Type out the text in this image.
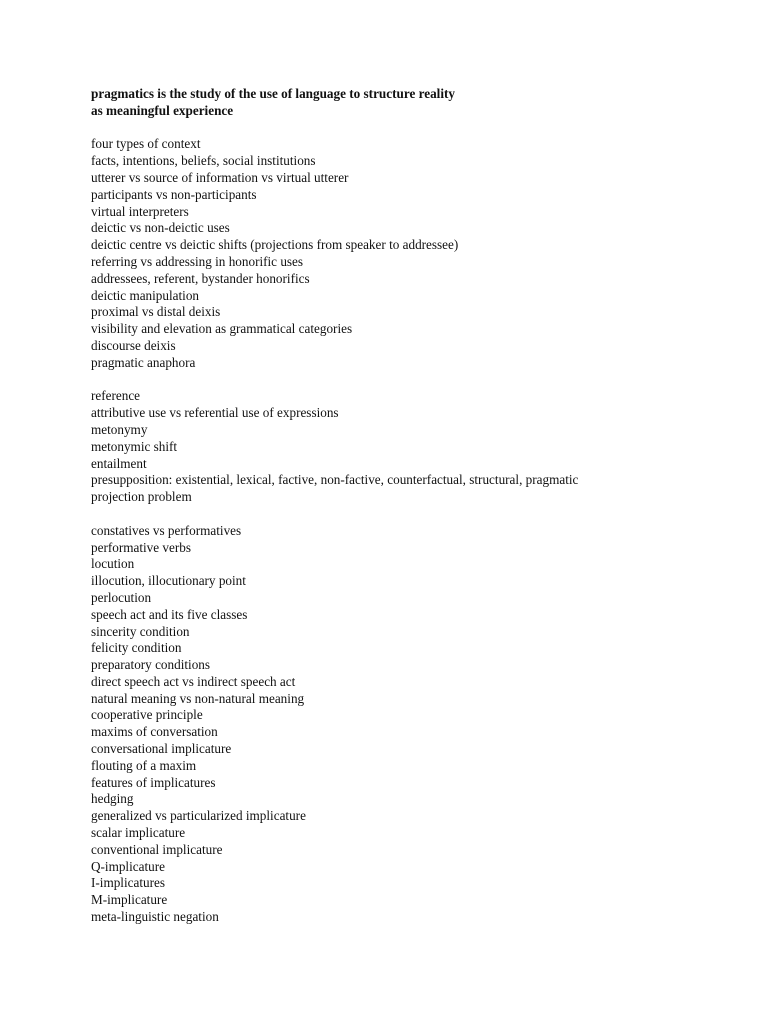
pragmatics is the study of the use of language to structure reality
as meaningful experience
four types of context
facts, intentions, beliefs, social institutions
utterer vs source of information vs virtual utterer
participants vs non-participants
virtual interpreters
deictic vs non-deictic uses
deictic centre vs deictic shifts (projections from speaker to addressee)
referring vs addressing in honorific uses
addressees, referent, bystander honorifics
deictic manipulation
proximal vs distal deixis
visibility and elevation as grammatical categories
discourse deixis
pragmatic anaphora
reference
attributive use vs referential use of expressions
metonymy
metonymic shift
entailment
presupposition: existential, lexical, factive, non-factive, counterfactual, structural, pragmatic
projection problem
constatives vs performatives
performative verbs
locution
illocution, illocutionary point
perlocution
speech act and its five classes
sincerity condition
felicity condition
preparatory conditions
direct speech act vs indirect speech act
natural meaning vs non-natural meaning
cooperative principle
maxims of conversation
conversational implicature
flouting of a maxim
features of implicatures
hedging
generalized vs particularized implicature
scalar implicature
conventional implicature
Q-implicature
I-implicatures
M-implicature
meta-linguistic negation
